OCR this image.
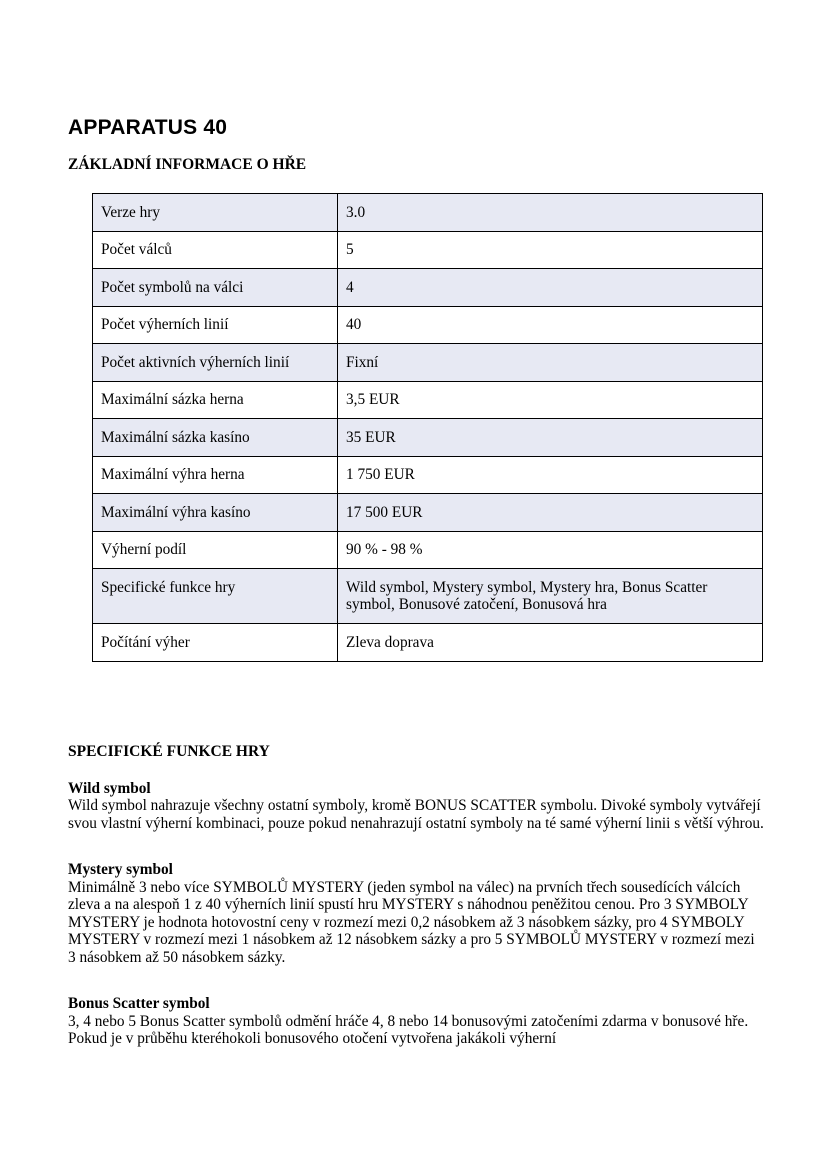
APPARATUS 40
ZÁKLADNÍ INFORMACE O HŘE
Verze hry	3.0
Počet válců	5
Počet symbolů na válci	4
Počet výherních linií	40
Počet aktivních výherních linií	Fixní
Maximální sázka herna	3,5 EUR
Maximální sázka kasíno	35 EUR
Maximální výhra herna	1 750 EUR
Maximální výhra kasíno	17 500 EUR
Výherní podíl	90 % - 98 %
Specifické funkce hry	Wild symbol, Mystery symbol, Mystery hra, Bonus Scatter symbol, Bonusové zatočení, Bonusová hra
Počítání výher	Zleva doprava
SPECIFICKÉ FUNKCE HRY
Wild symbol

Wild symbol nahrazuje všechny ostatní symboly, kromě BONUS SCATTER symbolu. Divoké symboly vytvářejí svou vlastní výherní kombinaci, pouze pokud nenahrazují ostatní symboly na té samé výherní linii s větší výhrou.

Mystery symbol

Minimálně 3 nebo více SYMBOLŮ MYSTERY (jeden symbol na válec) na prvních třech sousedících válcích zleva a na alespoň 1 z 40 výherních linií spustí hru MYSTERY s náhodnou peněžitou cenou. Pro 3 SYMBOLY MYSTERY je hodnota hotovostní ceny v rozmezí mezi 0,2 násobkem až 3 násobkem sázky, pro 4 SYMBOLY MYSTERY v rozmezí mezi 1 násobkem až 12 násobkem sázky a pro 5 SYMBOLŮ MYSTERY v rozmezí mezi 3 násobkem až 50 násobkem sázky.

Bonus Scatter symbol

3, 4 nebo 5 Bonus Scatter symbolů odmění hráče 4, 8 nebo 14 bonusovými zatočeními zdarma v bonusové hře. Pokud je v průběhu kteréhokoli bonusového otočení vytvořena jakákoli výherní
